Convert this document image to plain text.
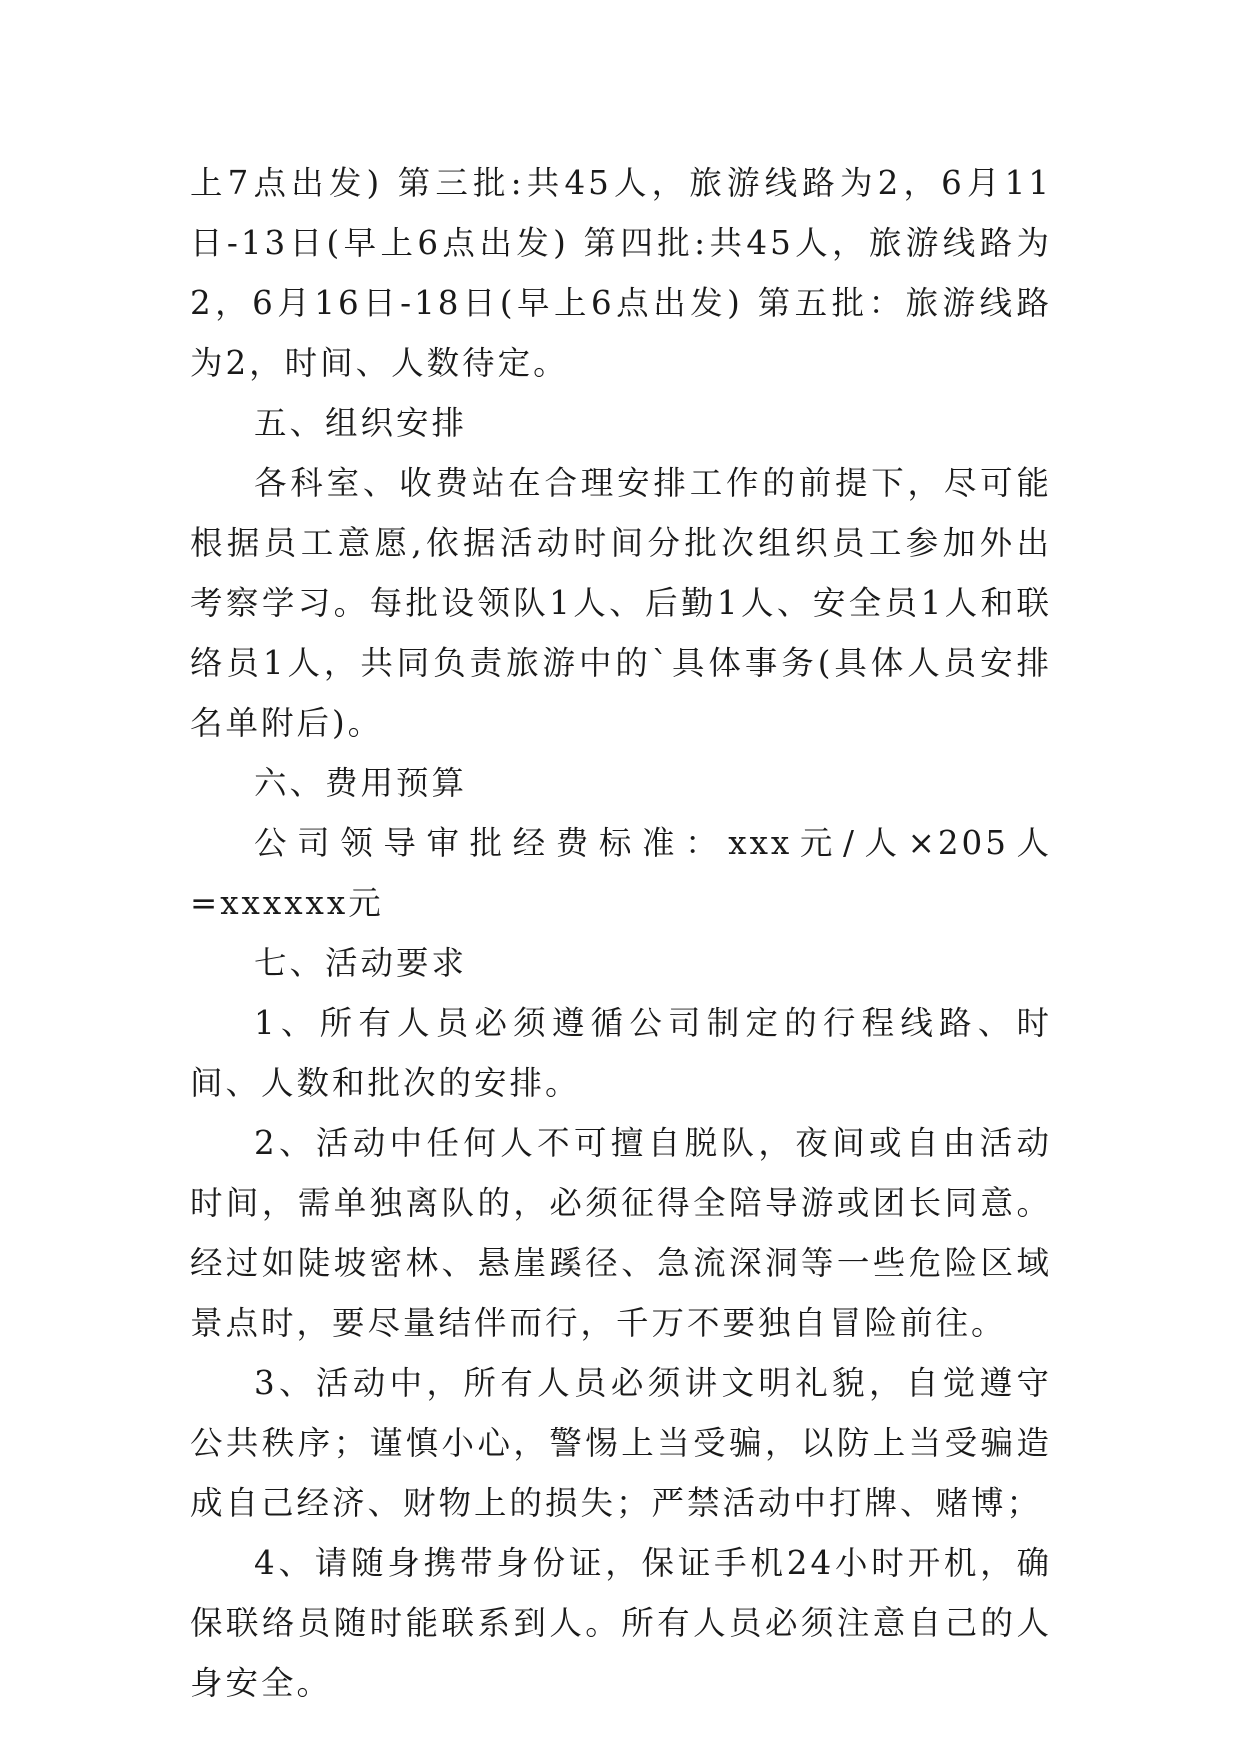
上7点出发) 第三批:共45人，旅游线路为2，6月11日-13日(早上6点出发) 第四批:共45人，旅游线路为2，6月16日-18日(早上6点出发) 第五批：旅游线路为2，时间、人数待定。

五、组织安排

各科室、收费站在合理安排工作的前提下，尽可能根据员工意愿,依据活动时间分批次组织员工参加外出考察学习。每批设领队1人、后勤1人、安全员1人和联络员1人，共同负责旅游中的`具体事务(具体人员安排名单附后)。

六、费用预算

公司领导审批经费标准：xxx元/人×205人=xxxxxx元

七、活动要求

1、所有人员必须遵循公司制定的行程线路、时间、人数和批次的安排。

2、活动中任何人不可擅自脱队，夜间或自由活动时间，需单独离队的，必须征得全陪导游或团长同意。经过如陡坡密林、悬崖蹊径、急流深洞等一些危险区域景点时，要尽量结伴而行，千万不要独自冒险前往。

3、活动中，所有人员必须讲文明礼貌，自觉遵守公共秩序；谨慎小心，警惕上当受骗，以防上当受骗造成自己经济、财物上的损失；严禁活动中打牌、赌博；

4、请随身携带身份证，保证手机24小时开机，确保联络员随时能联系到人。所有人员必须注意自己的人身安全。
